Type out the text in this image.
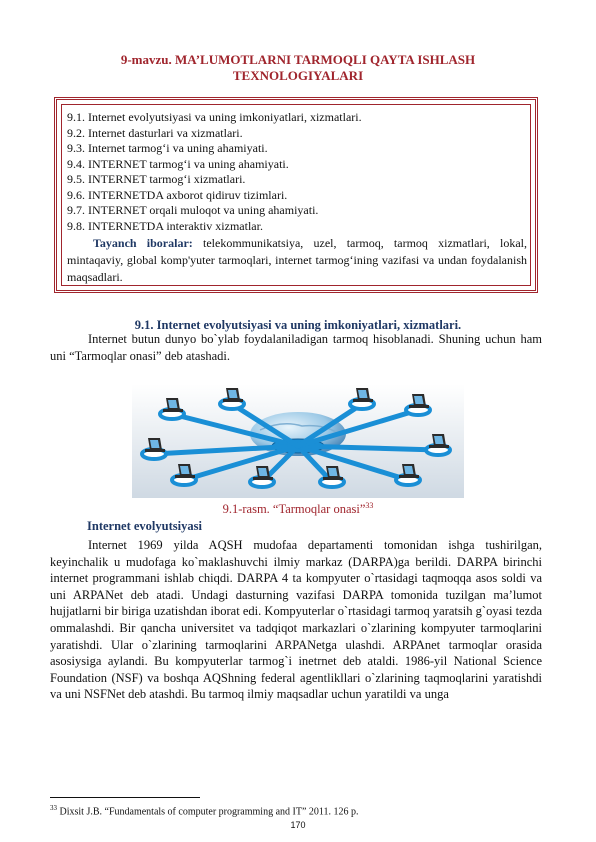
9-mavzu. MA’LUMOTLARNI TARMOQLI QAYTA ISHLASH
TEXNOLOGIYALARI
9.1. Internet evolyutsiyasi va uning imkoniyatlari, xizmatlari.
9.2. Internet dasturlari va xizmatlari.
9.3. Internet tarmog‘i va uning ahamiyati.
9.4. INTERNET tarmog‘i va uning ahamiyati.
9.5. INTERNET tarmog‘i xizmatlari.
9.6. INTERNETDA axborot qidiruv tizimlari.
9.7. INTERNET orqali muloqot va uning ahamiyati.
9.8. INTERNETDA interaktiv xizmatlar.
Tayanch iboralar: telekommunikatsiya, uzel, tarmoq, tarmoq xizmatlari, lokal, mintaqaviy, global komp'yuter tarmoqlari, internet tarmog‘ining vazifasi va undan foydalanish maqsadlari.
9.1. Internet evolyutsiyasi va uning imkoniyatlari, xizmatlari.
Internet butun dunyo bo`ylab foydalaniladigan tarmoq hisoblanadi. Shuning uchun ham uni “Tarmoqlar onasi” deb atashadi.
9.1-rasm. “Tarmoqlar onasi”$^{33}$
Internet evolyutsiyasi
Internet 1969 yilda AQSH mudofaa departamenti tomonidan ishga tushirilgan, keyinchalik u mudofaga ko`maklashuvchi ilmiy markaz (DARPA)ga berildi. DARPA birinchi internet programmani ishlab chiqdi. DARPA 4 ta kompyuter o`rtasidagi taqmoqqa asos soldi va uni ARPANet deb atadi. Undagi dasturning vazifasi DARPA tomonida tuzilgan ma’lumot hujjatlarni bir biriga uzatishdan iborat edi. Kompyuterlar o`rtasidagi tarmoq yaratsih g`oyasi tezda ommalashdi. Bir qancha universitet va tadqiqot markazlari o`zlarining kompyuter tarmoqlarini yaratishdi. Ular o`zlarining tarmoqlarini ARPANetga ulashdi. ARPAnet tarmoqlar orasida asosiysiga aylandi. Bu kompyuterlar tarmog`i inetrnet deb ataldi. 1986-yil National Science Foundation (NSF) va boshqa AQShning federal agentlikllari o`zlarining taqmoqlarini yaratishdi va uni NSFNet deb atashdi. Bu tarmoq ilmiy maqsadlar uchun yaratildi va unga
$^{33}$ Dixsit J.B. “Fundamentals of computer programming and IT” 2011. 126 p.
170
